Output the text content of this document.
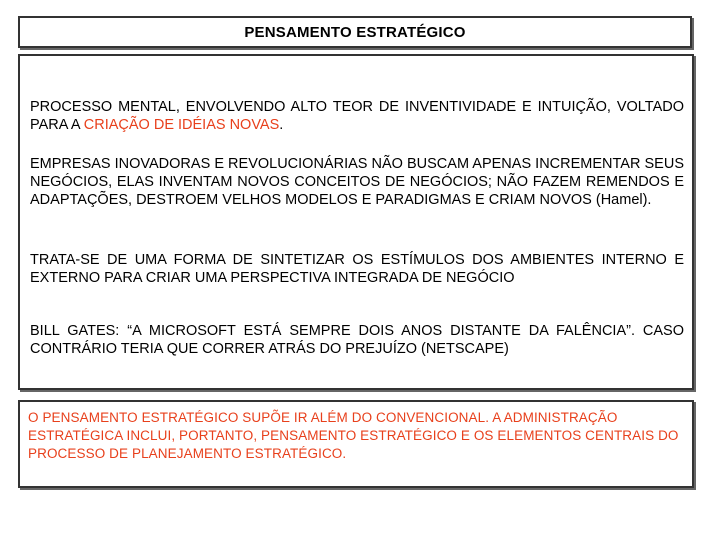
PENSAMENTO ESTRATÉGICO

PROCESSO MENTAL, ENVOLVENDO ALTO TEOR DE INVENTIVIDADE E INTUIÇÃO, VOLTADO PARA A CRIAÇÃO DE IDÉIAS NOVAS.

EMPRESAS INOVADORAS E REVOLUCIONÁRIAS NÃO BUSCAM APENAS INCREMENTAR SEUS NEGÓCIOS, ELAS INVENTAM NOVOS CONCEITOS DE NEGÓCIOS; NÃO FAZEM REMENDOS E ADAPTAÇÕES, DESTROEM VELHOS MODELOS E PARADIGMAS E CRIAM NOVOS (Hamel).

TRATA-SE DE UMA FORMA DE SINTETIZAR OS ESTÍMULOS DOS AMBIENTES INTERNO E EXTERNO PARA CRIAR UMA PERSPECTIVA INTEGRADA DE NEGÓCIO

BILL GATES: “A MICROSOFT ESTÁ SEMPRE DOIS ANOS DISTANTE DA FALÊNCIA”. CASO CONTRÁRIO TERIA QUE CORRER ATRÁS DO PREJUÍZO (NETSCAPE)

O PENSAMENTO ESTRATÉGICO SUPÕE IR ALÉM DO CONVENCIONAL. A ADMINISTRAÇÃO ESTRATÉGICA INCLUI, PORTANTO, PENSAMENTO ESTRATÉGICO E OS ELEMENTOS CENTRAIS DO PROCESSO DE PLANEJAMENTO ESTRATÉGICO.
